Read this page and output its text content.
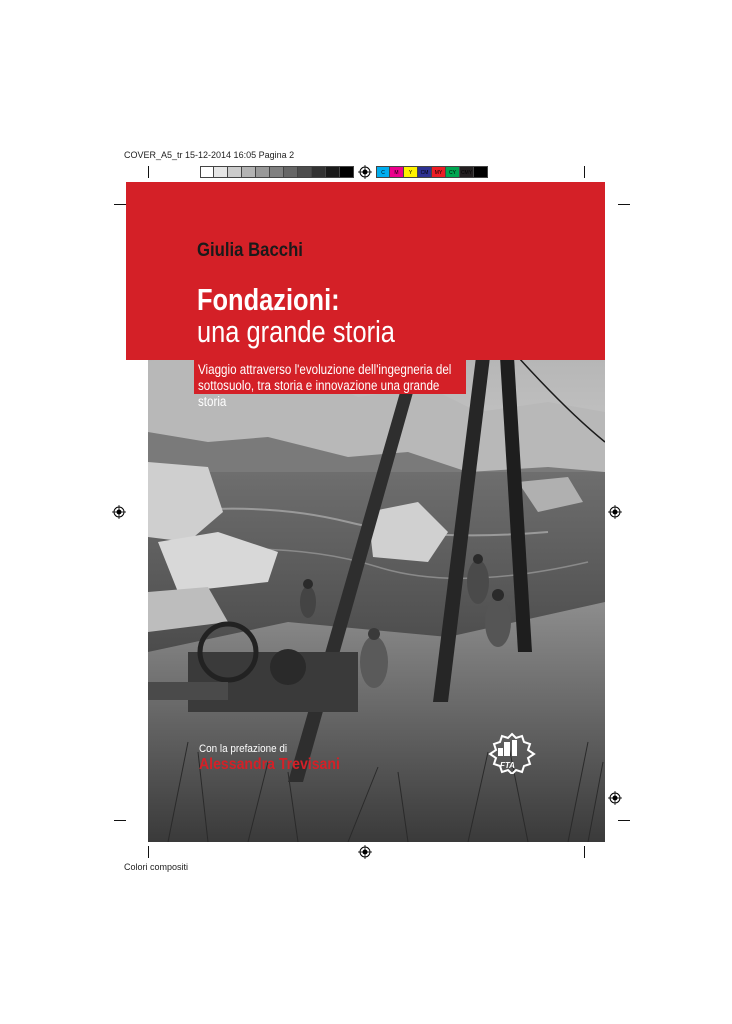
COVER_A5_tr 15-12-2014 16:05 Pagina 2
C	M	Y	CM	MY	CY CMY	K
Giulia Bacchi
Fondazioni:
una grande storia
Viaggio attraverso l'evoluzione dell'ingegneria del
sottosuolo, tra storia e innovazione una grande storia
Con la prefazione di
Alessandra Trevisani	FTA
Colori compositi
